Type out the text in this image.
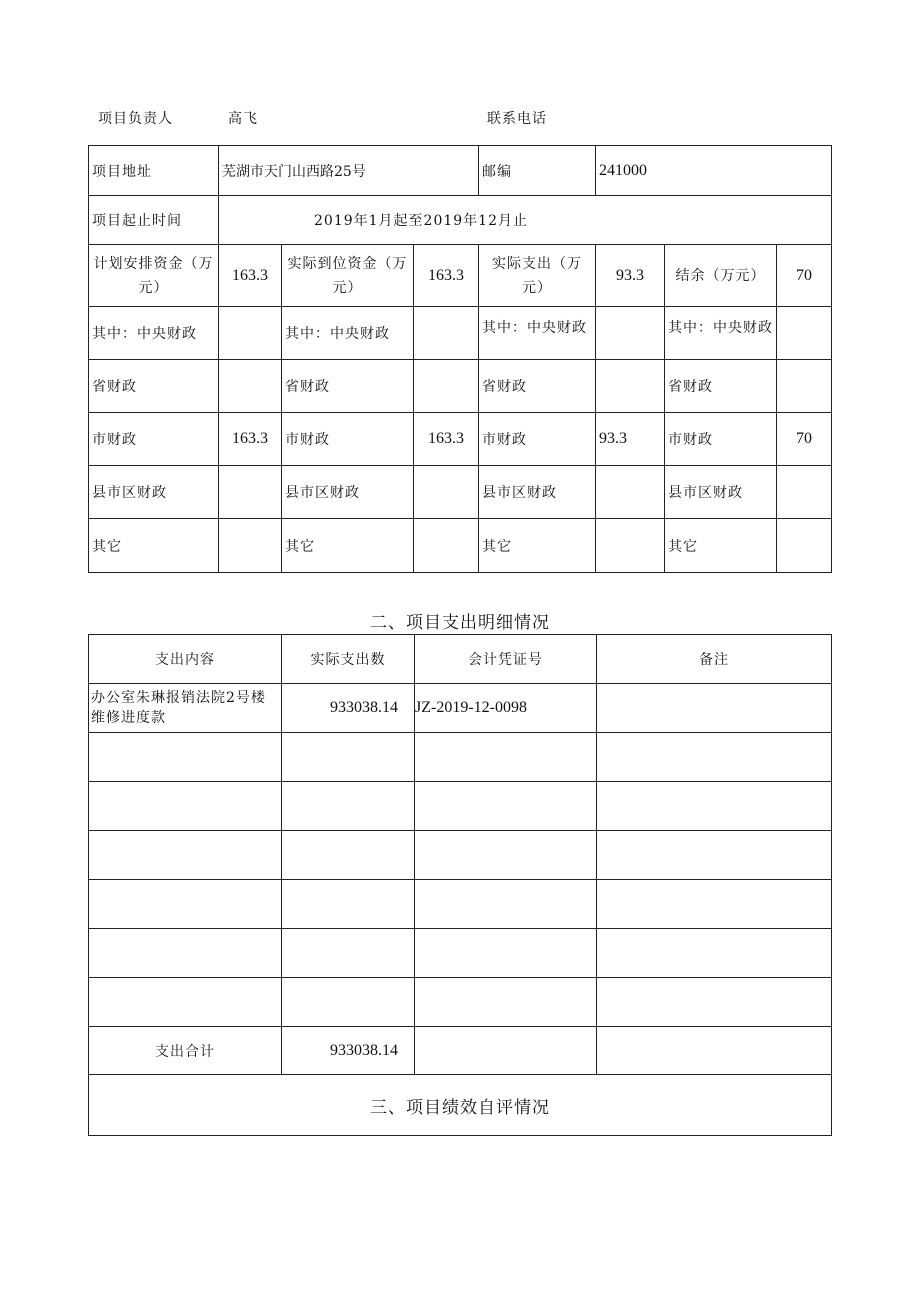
项目负责人	高飞	联系电话
项目地址	芜湖市天门山西路25号			邮编	241000		
项目起止时间	2019年1月起至2019年12月止						
计划安排资金（万元）	163.3	实际到位资金（万元）	163.3	实际支出（万元）	93.3	结余（万元）	70
其中：中央财政		其中：中央财政		其中：中央财政		其中：中央财政	
省财政		省财政		省财政		省财政	
市财政	163.3	市财政	163.3	市财政	93.3	市财政	70
县市区财政		县市区财政		县市区财政		县市区财政	
其它		其它		其它		其它	
二、项目支出明细情况
支出内容	实际支出数	会计凭证号	备注
办公室朱琳报销法院2号楼维修进度款	933038.14	JZ-2019-12-0098	

支出合计	933038.14		
三、项目绩效自评情况			
